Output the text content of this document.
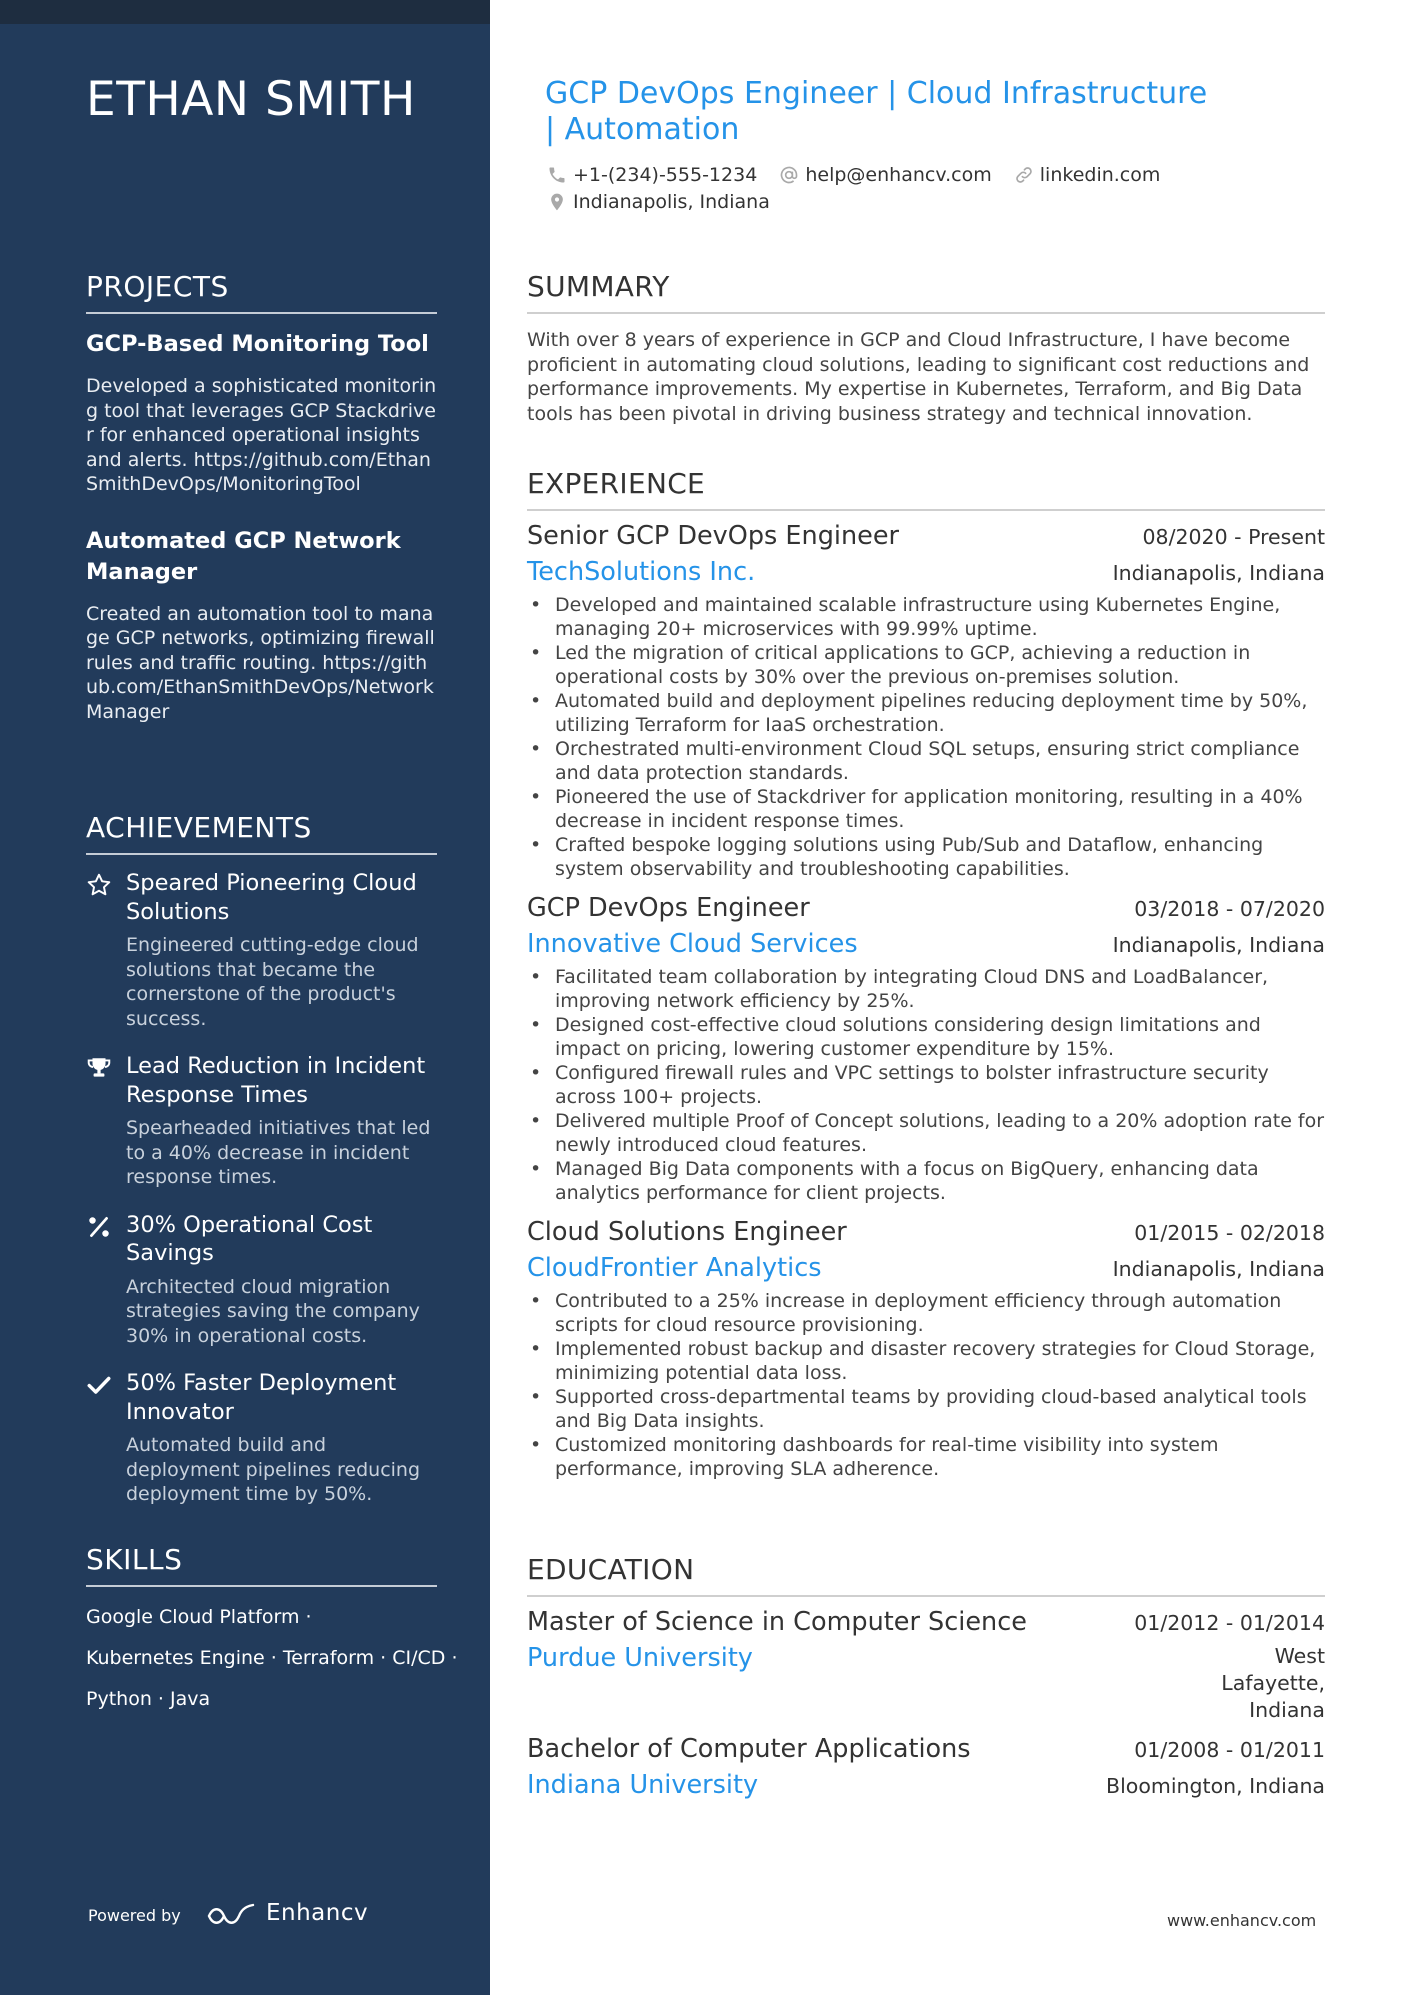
ETHAN SMITH
PROJECTS
GCP-Based Monitoring Tool
Developed a sophisticated monitoring tool that leverages GCP Stackdriver for enhanced operational insights and alerts. https://github.com/EthanSmithDevOps/MonitoringTool
Automated GCP Network Manager
Created an automation tool to manage GCP networks, optimizing firewall rules and traffic routing. https://github.com/EthanSmithDevOps/NetworkManager
ACHIEVEMENTS
Speared Pioneering Cloud Solutions
Engineered cutting-edge cloud solutions that became the cornerstone of the product's success.
Lead Reduction in Incident Response Times
Spearheaded initiatives that led to a 40% decrease in incident response times.
30% Operational Cost Savings
Architected cloud migration strategies saving the company 30% in operational costs.
50% Faster Deployment Innovator
Automated build and deployment pipelines reducing deployment time by 50%.
SKILLS
Google Cloud Platform ·
Kubernetes Engine · Terraform · CI/CD ·
Python · Java
Powered by	Enhancv
GCP DevOps Engineer | Cloud Infrastructure | Automation
+1-(234)-555-1234	help@enhancv.com	linkedin.com Indianapolis, Indiana
SUMMARY
With over 8 years of experience in GCP and Cloud Infrastructure, I have become proficient in automating cloud solutions, leading to significant cost reductions and performance improvements. My expertise in Kubernetes, Terraform, and Big Data tools has been pivotal in driving business strategy and technical innovation.
EXPERIENCE
Senior GCP DevOps Engineer	08/2020 - Present
TechSolutions Inc.	Indianapolis, Indiana
• Developed and maintained scalable infrastructure using Kubernetes Engine, managing 20+ microservices with 99.99% uptime.
• Led the migration of critical applications to GCP, achieving a reduction in operational costs by 30% over the previous on-premises solution.
• Automated build and deployment pipelines reducing deployment time by 50%, utilizing Terraform for IaaS orchestration.
• Orchestrated multi-environment Cloud SQL setups, ensuring strict compliance and data protection standards.
• Pioneered the use of Stackdriver for application monitoring, resulting in a 40% decrease in incident response times.
• Crafted bespoke logging solutions using Pub/Sub and Dataflow, enhancing system observability and troubleshooting capabilities.
GCP DevOps Engineer	03/2018 - 07/2020
Innovative Cloud Services	Indianapolis, Indiana
• Facilitated team collaboration by integrating Cloud DNS and LoadBalancer, improving network efficiency by 25%.
• Designed cost-effective cloud solutions considering design limitations and impact on pricing, lowering customer expenditure by 15%.
• Configured firewall rules and VPC settings to bolster infrastructure security across 100+ projects.
• Delivered multiple Proof of Concept solutions, leading to a 20% adoption rate for newly introduced cloud features.
• Managed Big Data components with a focus on BigQuery, enhancing data analytics performance for client projects.
Cloud Solutions Engineer	01/2015 - 02/2018
CloudFrontier Analytics	Indianapolis, Indiana
• Contributed to a 25% increase in deployment efficiency through automation scripts for cloud resource provisioning.
• Implemented robust backup and disaster recovery strategies for Cloud Storage, minimizing potential data loss.
• Supported cross-departmental teams by providing cloud-based analytical tools and Big Data insights.
• Customized monitoring dashboards for real-time visibility into system performance, improving SLA adherence.
EDUCATION
Master of Science in Computer Science	01/2012 - 01/2014
Purdue University	West Lafayette, Indiana
Bachelor of Computer Applications	01/2008 - 01/2011
Indiana University	Bloomington, Indiana
www.enhancv.com
